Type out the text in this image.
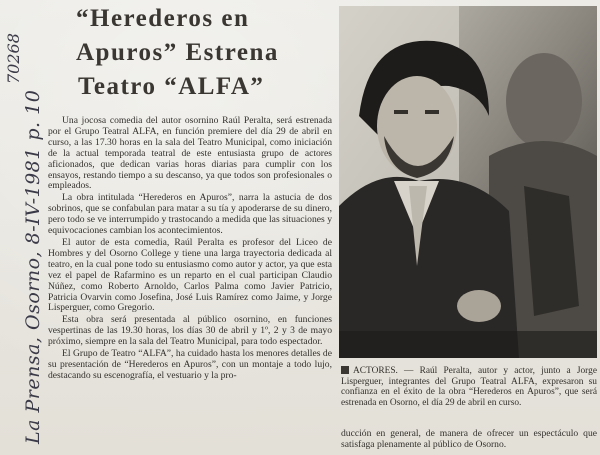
70268
La Prensa, Osorno, 8-IV-1981 p. 10
“Herederos en
Apuros” Estrena
Teatro “ALFA”

Una jocosa comedia del autor osornino Raúl Peralta, será estrenada por el Grupo Teatral ALFA, en función premiere del día 29 de abril en curso, a las 17.30 horas en la sala del Teatro Municipal, como iniciación de la actual temporada teatral de este entusiasta grupo de actores aficionados, que dedican varias horas diarias para cumplir con los ensayos, restando tiempo a su descanso, ya que todos son profesionales o empleados.

La obra intitulada “Herederos en Apuros”, narra la astucia de dos sobrinos, que se confabulan para matar a su tía y apoderarse de su dinero, pero todo se ve interrumpido y trastocando a medida que las situaciones y equivocaciones cambian los acontecimientos.

El autor de esta comedia, Raúl Peralta es profesor del Liceo de Hombres y del Osorno College y tiene una larga trayectoria dedicada al teatro, en la cual pone todo su entusiasmo como autor y actor, ya que esta vez el papel de Rafarmino es un reparto en el cual participan Claudio Núñez, como Roberto Arnoldo, Carlos Palma como Javier Patricio, Patricia Ovarvin como Josefina, José Luis Ramírez como Jaime, y Jorge Lisperguer, como Gregorio.

Esta obra será presentada al público osornino, en funciones vespertinas de las 19.30 horas, los días 30 de abril y 1º, 2 y 3 de mayo próximo, siempre en la sala del Teatro Municipal, para todo espectador.

El Grupo de Teatro “ALFA”, ha cuidado hasta los menores detalles de su presentación de “Herederos en Apuros”, con un montaje a todo lujo, destacando su escenografía, el vestuario y la pro-	ACTORES. — Raúl Peralta, autor y actor, junto a Jorge Lisperguer, integrantes del Grupo Teatral ALFA, expresaron su confianza en el éxito de la obra “Herederos en Apuros”, que será estrenada en Osorno, el día 29 de abril en curso.
ducción en general, de manera de ofrecer un espectáculo que satisfaga plenamente al público de Osorno.
